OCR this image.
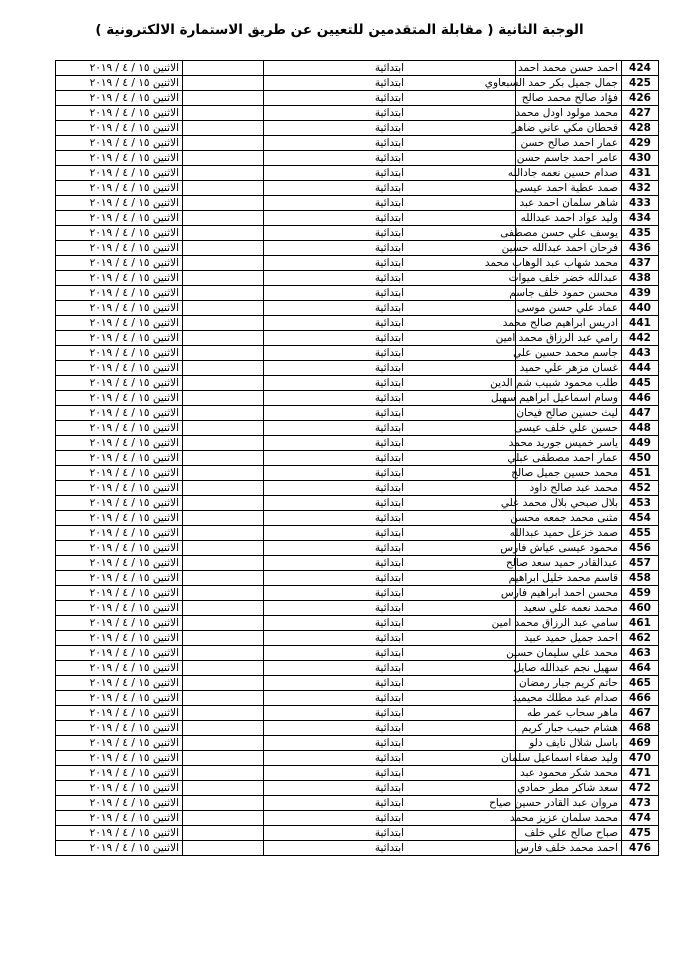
الوجبة الثانية ( مقابلة المتقدمين للتعيين عن طريق الاستمارة الالكترونية )
الاثنين ١٥ / ٤ / ٢٠١٩		ابتدائية	احمد حسن محمد احمد	424
الاثنين ١٥ / ٤ / ٢٠١٩		ابتدائية	جمال جميل بكر حمد السبعاوي	425
الاثنين ١٥ / ٤ / ٢٠١٩		ابتدائية	فؤاد صالح محمد صالح	426
الاثنين ١٥ / ٤ / ٢٠١٩		ابتدائية	محمد مولود اودل محمد	427
الاثنين ١٥ / ٤ / ٢٠١٩		ابتدائية	قحطان مكي عاني ضاهر	428
الاثنين ١٥ / ٤ / ٢٠١٩		ابتدائية	عمار احمد صالح حسن	429
الاثنين ١٥ / ٤ / ٢٠١٩		ابتدائية	عامر احمد جاسم حسن	430
الاثنين ١٥ / ٤ / ٢٠١٩		ابتدائية	صدام حسين نعمه جادالله	431
الاثنين ١٥ / ٤ / ٢٠١٩		ابتدائية	صمد عطية احمد عيسى	432
الاثنين ١٥ / ٤ / ٢٠١٩		ابتدائية	شاهر سلمان احمد عبد	433
الاثنين ١٥ / ٤ / ٢٠١٩		ابتدائية	وليد عواد احمد عبدالله	434
الاثنين ١٥ / ٤ / ٢٠١٩		ابتدائية	يوسف علي حسن مصطفى	435
الاثنين ١٥ / ٤ / ٢٠١٩		ابتدائية	فرحان احمد عبدالله حسين	436
الاثنين ١٥ / ٤ / ٢٠١٩		ابتدائية	محمد شهاب عبد الوهاب محمد	437
الاثنين ١٥ / ٤ / ٢٠١٩		ابتدائية	عبدالله خضر خلف ميوات	438
الاثنين ١٥ / ٤ / ٢٠١٩		ابتدائية	محسن حمود خلف جاسم	439
الاثنين ١٥ / ٤ / ٢٠١٩		ابتدائية	عماد علي حسن موسى	440
الاثنين ١٥ / ٤ / ٢٠١٩		ابتدائية	ادريس ابراهيم صالح محمد	441
الاثنين ١٥ / ٤ / ٢٠١٩		ابتدائية	رامي عبد الرزاق محمد امين	442
الاثنين ١٥ / ٤ / ٢٠١٩		ابتدائية	جاسم محمد حسين علي	443
الاثنين ١٥ / ٤ / ٢٠١٩		ابتدائية	غسان مزهر علي حميد	444
الاثنين ١٥ / ٤ / ٢٠١٩		ابتدائية	طلب محمود شبيب شم الدين	445
الاثنين ١٥ / ٤ / ٢٠١٩		ابتدائية	وسام اسماعيل ابراهيم سهيل	446
الاثنين ١٥ / ٤ / ٢٠١٩		ابتدائية	ليث حسين صالح فيحان	447
الاثنين ١٥ / ٤ / ٢٠١٩		ابتدائية	حسين علي خلف عيسى	448
الاثنين ١٥ / ٤ / ٢٠١٩		ابتدائية	ياسر خميس جوريد محمد	449
الاثنين ١٥ / ٤ / ٢٠١٩		ابتدائية	عمار احمد مصطفى عبلي	450
الاثنين ١٥ / ٤ / ٢٠١٩		ابتدائية	محمد حسين جميل صالح	451
الاثنين ١٥ / ٤ / ٢٠١٩		ابتدائية	محمد عبد صالح داود	452
الاثنين ١٥ / ٤ / ٢٠١٩		ابتدائية	بلال صبحي بلال محمد علي	453
الاثنين ١٥ / ٤ / ٢٠١٩		ابتدائية	مثنى محمد جمعه محسن	454
الاثنين ١٥ / ٤ / ٢٠١٩		ابتدائية	صمد خزعل حميد عبدالله	455
الاثنين ١٥ / ٤ / ٢٠١٩		ابتدائية	محمود عيسى عياش فارس	456
الاثنين ١٥ / ٤ / ٢٠١٩		ابتدائية	عبدالقادر حميد سعد صالح	457
الاثنين ١٥ / ٤ / ٢٠١٩		ابتدائية	قاسم محمد خليل ابراهيم	458
الاثنين ١٥ / ٤ / ٢٠١٩		ابتدائية	محسن احمد ابراهيم فارس	459
الاثنين ١٥ / ٤ / ٢٠١٩		ابتدائية	محمد نعمه علي سعيد	460
الاثنين ١٥ / ٤ / ٢٠١٩		ابتدائية	سامي عبد الرزاق محمد امين	461
الاثنين ١٥ / ٤ / ٢٠١٩		ابتدائية	احمد جميل حميد عبيد	462
الاثنين ١٥ / ٤ / ٢٠١٩		ابتدائية	محمد علي سليمان حسين	463
الاثنين ١٥ / ٤ / ٢٠١٩		ابتدائية	سهيل نجم عبدالله صايل	464
الاثنين ١٥ / ٤ / ٢٠١٩		ابتدائية	حاتم كريم جبار رمضان	465
الاثنين ١٥ / ٤ / ٢٠١٩		ابتدائية	صدام عبد مطلك محيميد	466
الاثنين ١٥ / ٤ / ٢٠١٩		ابتدائية	ماهر سحاب عمر طه	467
الاثنين ١٥ / ٤ / ٢٠١٩		ابتدائية	هشام حبيب جبار كريم	468
الاثنين ١٥ / ٤ / ٢٠١٩		ابتدائية	باسل شلال نايف دلو	469
الاثنين ١٥ / ٤ / ٢٠١٩		ابتدائية	وليد صفاء اسماعيل سلمان	470
الاثنين ١٥ / ٤ / ٢٠١٩		ابتدائية	محمد شكر محمود عبد	471
الاثنين ١٥ / ٤ / ٢٠١٩		ابتدائية	سعد شاكر مطر حمادي	472
الاثنين ١٥ / ٤ / ٢٠١٩		ابتدائية	مروان عبد القادر حسين صياح	473
الاثنين ١٥ / ٤ / ٢٠١٩		ابتدائية	محمد سلمان عزيز محمد	474
الاثنين ١٥ / ٤ / ٢٠١٩		ابتدائية	صباح صالح علي خلف	475
الاثنين ١٥ / ٤ / ٢٠١٩		ابتدائية	احمد محمد خلف فارس	476
